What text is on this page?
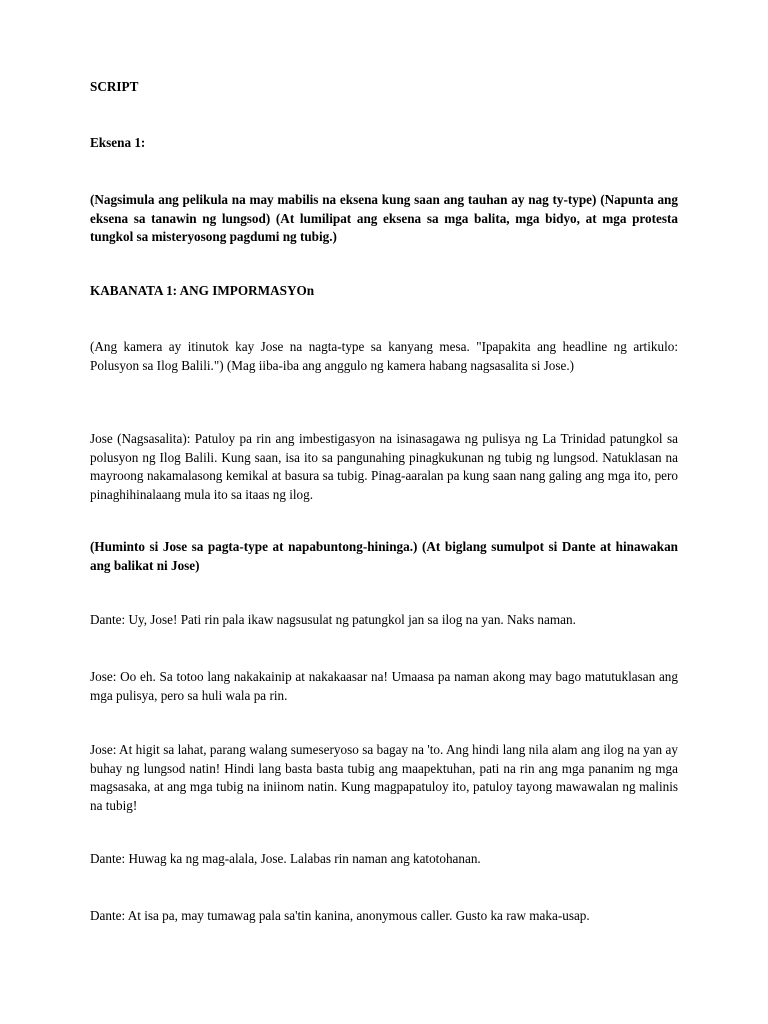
SCRIPT

Eksena 1:

(Nagsimula ang pelikula na may mabilis na eksena kung saan ang tauhan ay nag ty-type) (Napunta ang eksena sa tanawin ng lungsod) (At lumilipat ang eksena sa mga balita, mga bidyo, at mga protesta tungkol sa misteryosong pagdumi ng tubig.)

KABANATA 1: ANG IMPORMASYOn

(Ang kamera ay itinutok kay Jose na nagta-type sa kanyang mesa. "Ipapakita ang headline ng artikulo: Polusyon sa Ilog Balili.") (Mag iiba-iba ang anggulo ng kamera habang nagsasalita si Jose.)

Jose (Nagsasalita): Patuloy pa rin ang imbestigasyon na isinasagawa ng pulisya ng La Trinidad patungkol sa polusyon ng Ilog Balili. Kung saan, isa ito sa pangunahing pinagkukunan ng tubig ng lungsod. Natuklasan na mayroong nakamalasong kemikal at basura sa tubig. Pinag-aaralan pa kung saan nang galing ang mga ito, pero pinaghihinalaang mula ito sa itaas ng ilog.

(Huminto si Jose sa pagta-type at napabuntong-hininga.) (At biglang sumulpot si Dante at hinawakan ang balikat ni Jose)

Dante: Uy, Jose! Pati rin pala ikaw nagsusulat ng patungkol jan sa ilog na yan. Naks naman.

Jose: Oo eh. Sa totoo lang nakakainip at nakakaasar na! Umaasa pa naman akong may bago matutuklasan ang mga pulisya, pero sa huli wala pa rin.

Jose: At higit sa lahat, parang walang sumeseryoso sa bagay na 'to. Ang hindi lang nila alam ang ilog na yan ay buhay ng lungsod natin! Hindi lang basta basta tubig ang maapektuhan, pati na rin ang mga pananim ng mga magsasaka, at ang mga tubig na iniinom natin. Kung magpapatuloy ito, patuloy tayong mawawalan ng malinis na tubig!

Dante: Huwag ka ng mag-alala, Jose. Lalabas rin naman ang katotohanan.

Dante: At isa pa, may tumawag pala sa'tin kanina, anonymous caller. Gusto ka raw maka-usap.
